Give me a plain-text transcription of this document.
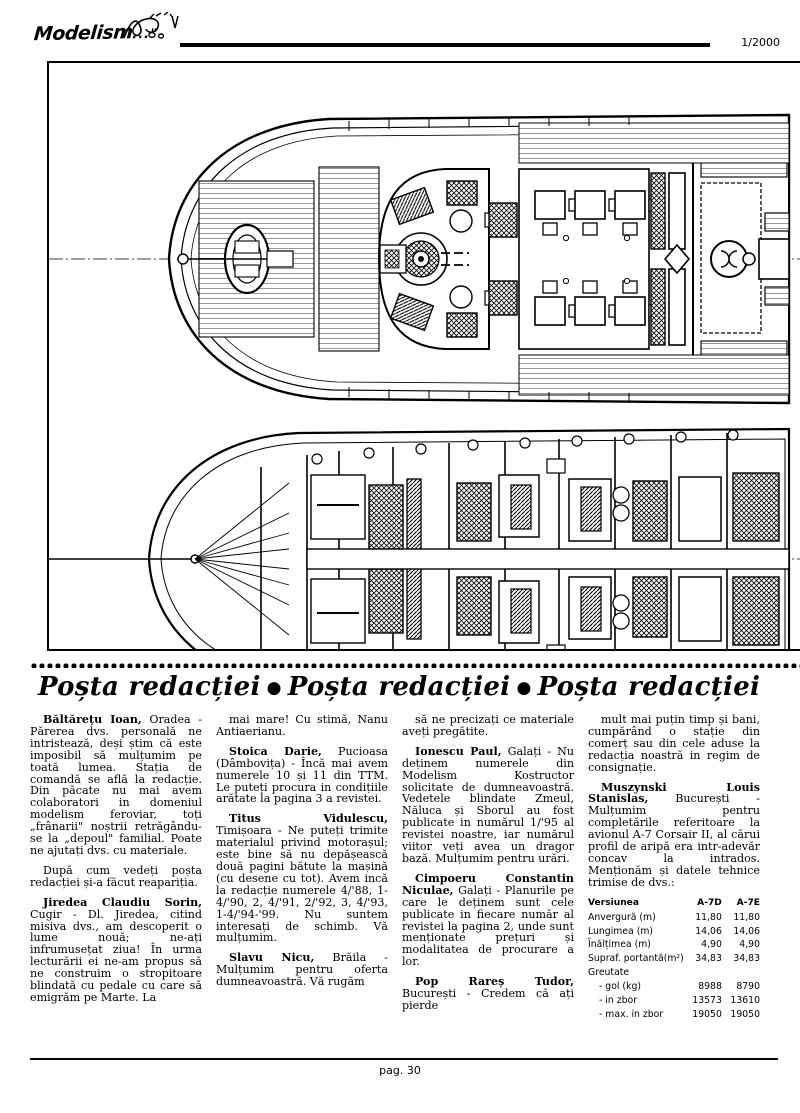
Modelism..."
1/2000
Poșta redacției ● Poșta redacției ● Poșta redacției

Băltărețu Ioan, Oradea - Părerea dvs. personală ne intristează, deși știm că este imposibil să mulțumim pe toată lumea. Stația de comandă se află la redacție. Din păcate nu mai avem colaboratori in domeniul modelism feroviar, toți „frânarii" noștrii retrăgându-se la „depoul" familial. Poate ne ajutați dvs. cu materiale.

După cum vedeți poșta redacției și-a făcut reapariția.

Jiredea Claudiu Sorin, Cugir - Dl. Jiredea, citind misiva dvs., am descoperit o lume nouă; ne-ați infrumusețat ziua! În urma lecturării ei ne-am propus să ne construim o stropitoare blindată cu pedale cu care să emigrăm pe Marte. La

mai mare! Cu stimă, Nanu Antiaerianu.

Stoica Darie, Pucioasa (Dâmbovița) - Încă mai avem numerele 10 și 11 din TTM. Le puteți procura in condițiile arătate la pagina 3 a revistei.

Titus Vidulescu, Timișoara - Ne puteți trimite materialul privind motorașul; este bine să nu depășească două pagini bătute la mașină (cu desene cu tot). Avem incă la redacție numerele 4/'88, 1-4/'90, 2, 4/'91, 2/'92, 3, 4/'93, 1-4/'94-'99. Nu suntem interesați de schimb. Vă mulțumim.

Slavu Nicu, Brăila - Mulțumim pentru oferta dumneavoastră. Vă rugăm

să ne precizați ce materiale aveți pregătite.

Ionescu Paul, Galați - Nu deținem numerele din Modelism Kostructor solicitate de dumneavoastră. Vedetele blindate Zmeul, Năluca și Sborul au fost publicate in numărul 1/'95 al revistei noastre, iar numărul viitor veți avea un dragor bază. Mulțumim pentru urări.

Cimpoeru Constantin Niculae, Galați - Planurile pe care le deținem sunt cele publicate in fiecare număr al revistei la pagina 2, unde sunt menționate prețuri și modalitatea de procurare a lor.

Pop Rareș Tudor, București - Credem că ați pierde

mult mai puțin timp și bani, cumpărând o stație din comerț sau din cele aduse la redacția noastră in regim de consignație.

Muszynski Louis Stanislas, București - Mulțumim pentru completările referitoare la avionul A-7 Corsair II, al cărui profil de aripă era intr-adevăr concav la intrados. Menționăm și datele tehnice trimise de dvs.:

Versiunea	A-7D	A-7E
Anvergură (m)	11,80	11,80
Lungimea (m)	14,06	14,06
Înălțimea (m)	4,90	4,90
Supraf. portantă(m²)	34,83	34,83
Greutate		
- gol (kg)	8988	8790
- in zbor	13573	13610
- max. in zbor	19050	19050
pag. 30
